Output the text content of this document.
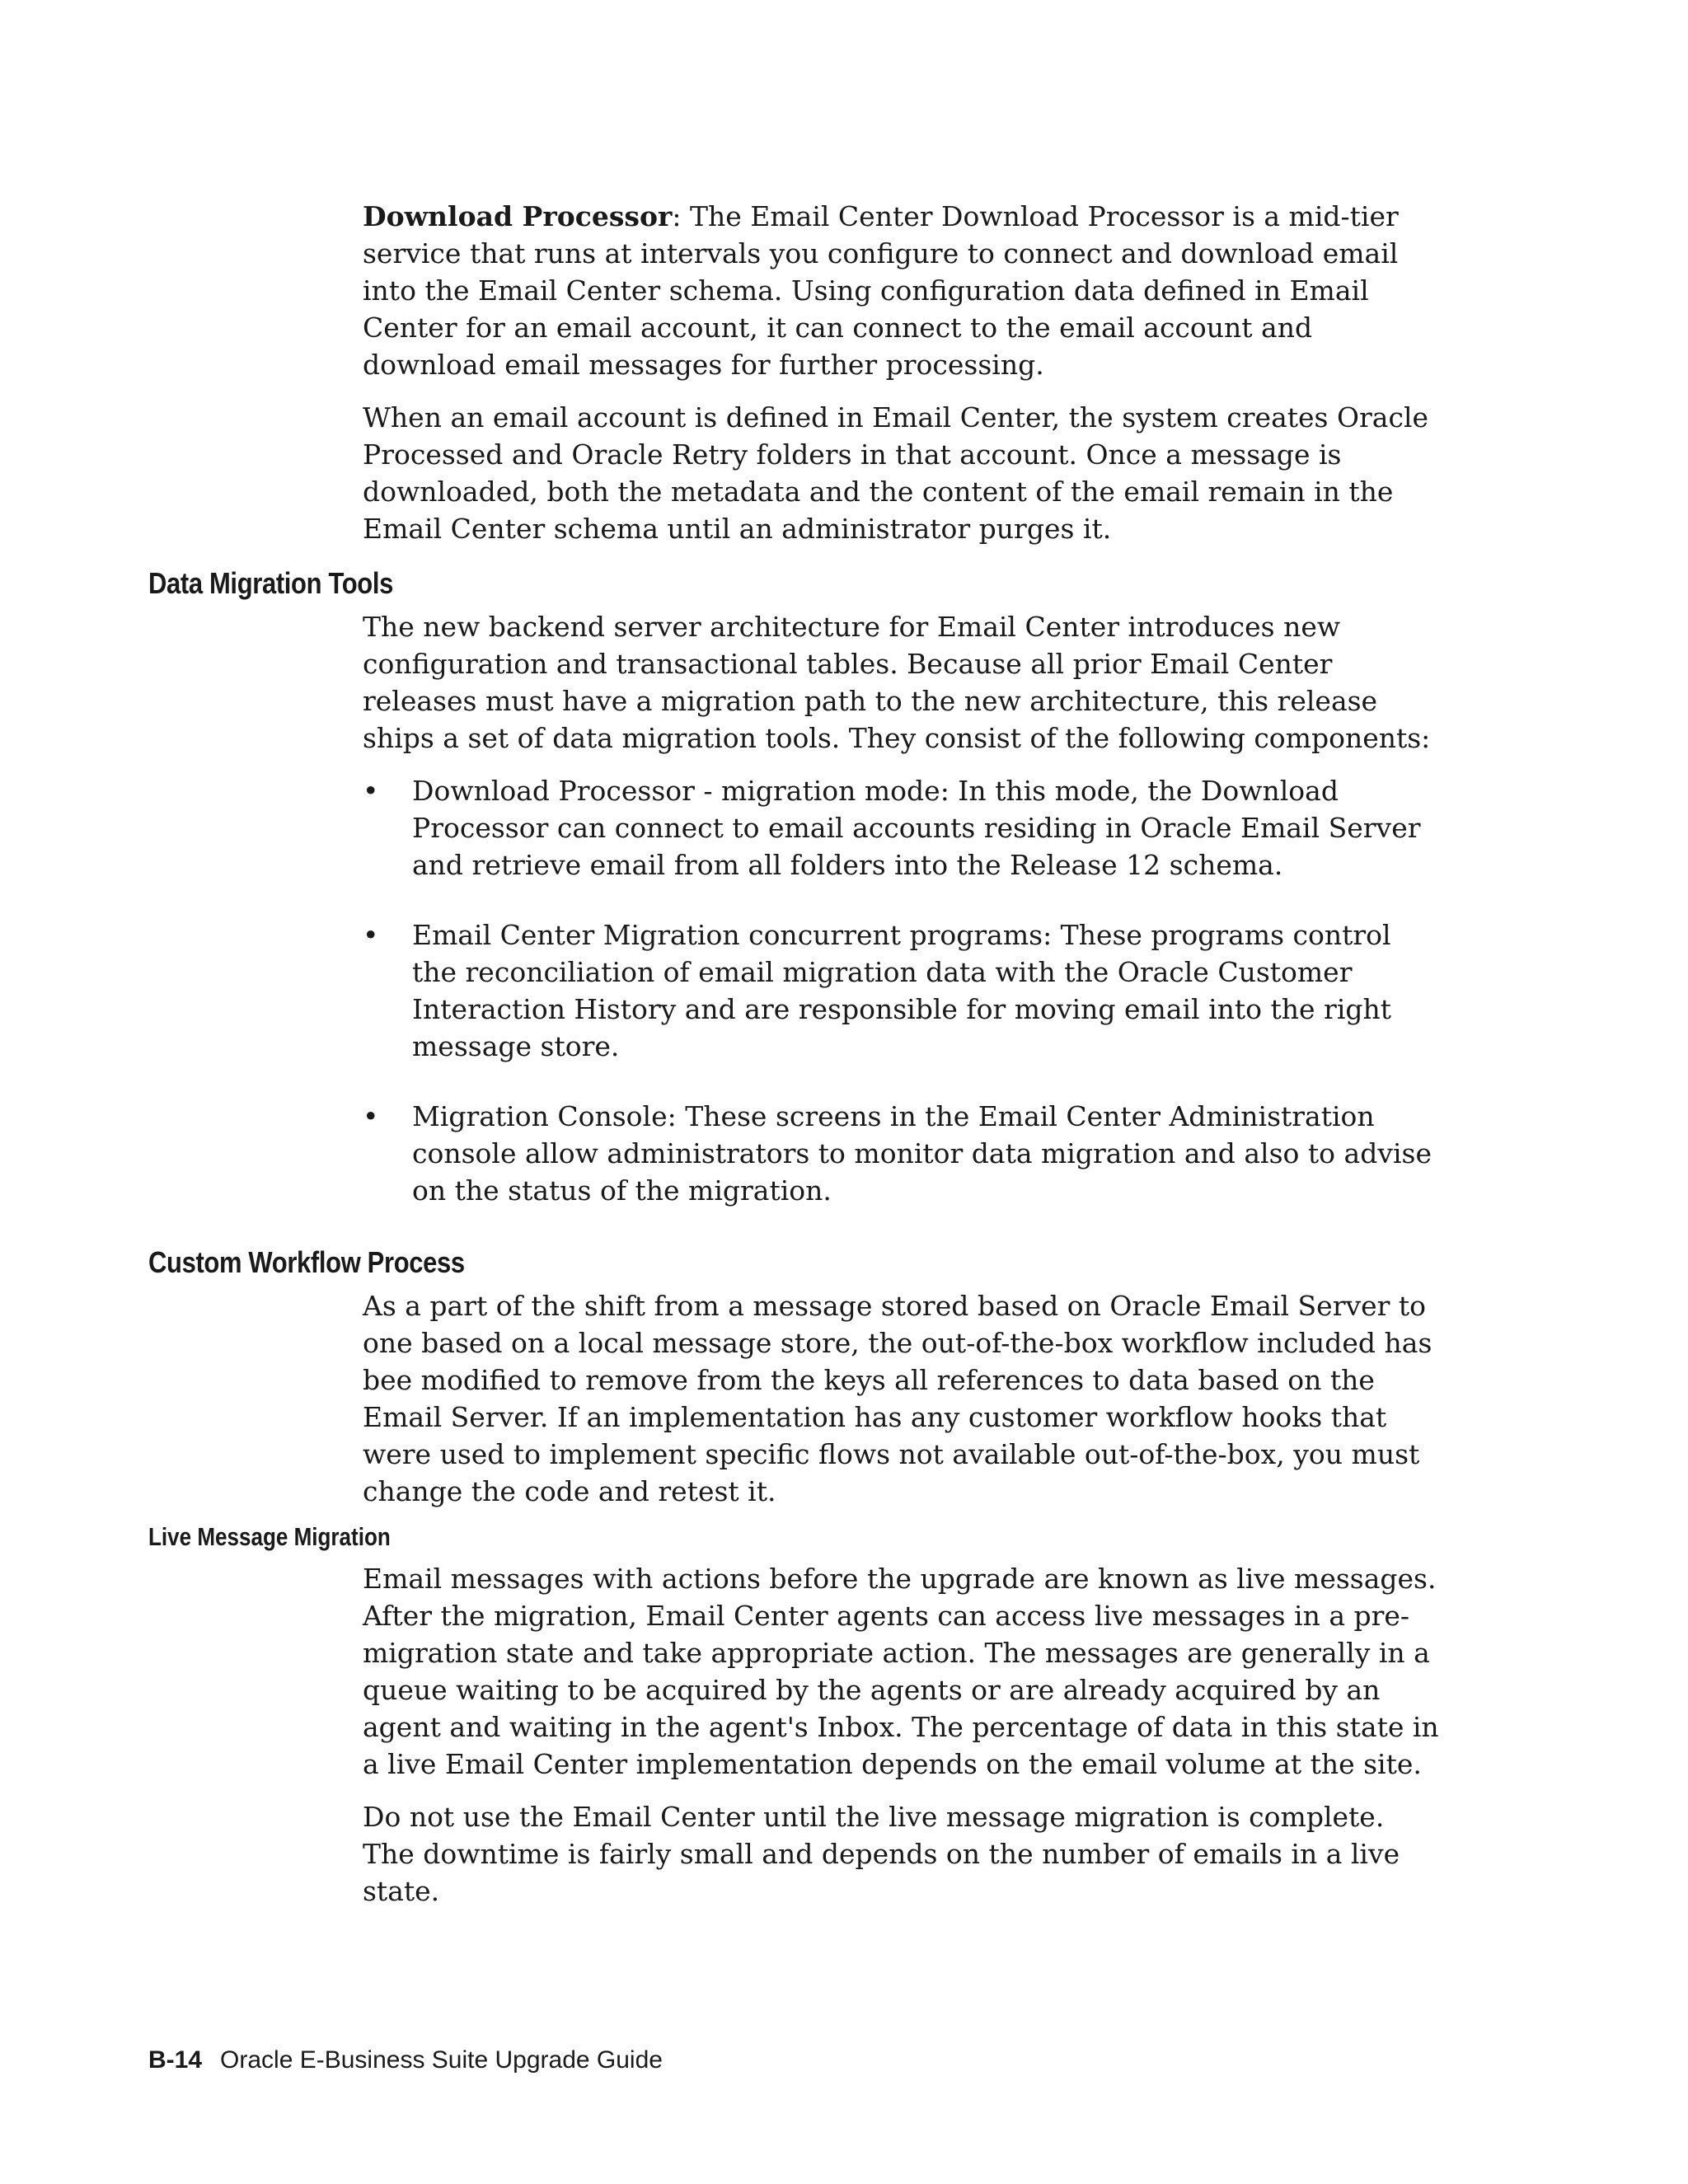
Download Processor: The Email Center Download Processor is a mid-tier service that runs at intervals you configure to connect and download email into the Email Center schema. Using configuration data defined in Email Center for an email account, it can connect to the email account and download email messages for further processing.

When an email account is defined in Email Center, the system creates Oracle Processed and Oracle Retry folders in that account. Once a message is downloaded, both the metadata and the content of the email remain in the Email Center schema until an administrator purges it.

Data Migration Tools

The new backend server architecture for Email Center introduces new configuration and transactional tables. Because all prior Email Center releases must have a migration path to the new architecture, this release ships a set of data migration tools. They consist of the following components:

• Download Processor - migration mode: In this mode, the Download Processor can connect to email accounts residing in Oracle Email Server and retrieve email from all folders into the Release 12 schema.
• Email Center Migration concurrent programs: These programs control the reconciliation of email migration data with the Oracle Customer Interaction History and are responsible for moving email into the right message store.
• Migration Console: These screens in the Email Center Administration console allow administrators to monitor data migration and also to advise on the status of the migration.
Custom Workflow Process

As a part of the shift from a message stored based on Oracle Email Server to one based on a local message store, the out-of-the-box workflow included has bee modified to remove from the keys all references to data based on the Email Server. If an implementation has any customer workflow hooks that were used to implement specific flows not available out-of-the-box, you must change the code and retest it.

Live Message Migration

Email messages with actions before the upgrade are known as live messages. After the migration, Email Center agents can access live messages in a pre-migration state and take appropriate action. The messages are generally in a queue waiting to be acquired by the agents or are already acquired by an agent and waiting in the agent's Inbox. The percentage of data in this state in a live Email Center implementation depends on the email volume at the site.

Do not use the Email Center until the live message migration is complete. The downtime is fairly small and depends on the number of emails in a live state.

B-14 Oracle E-Business Suite Upgrade Guide
